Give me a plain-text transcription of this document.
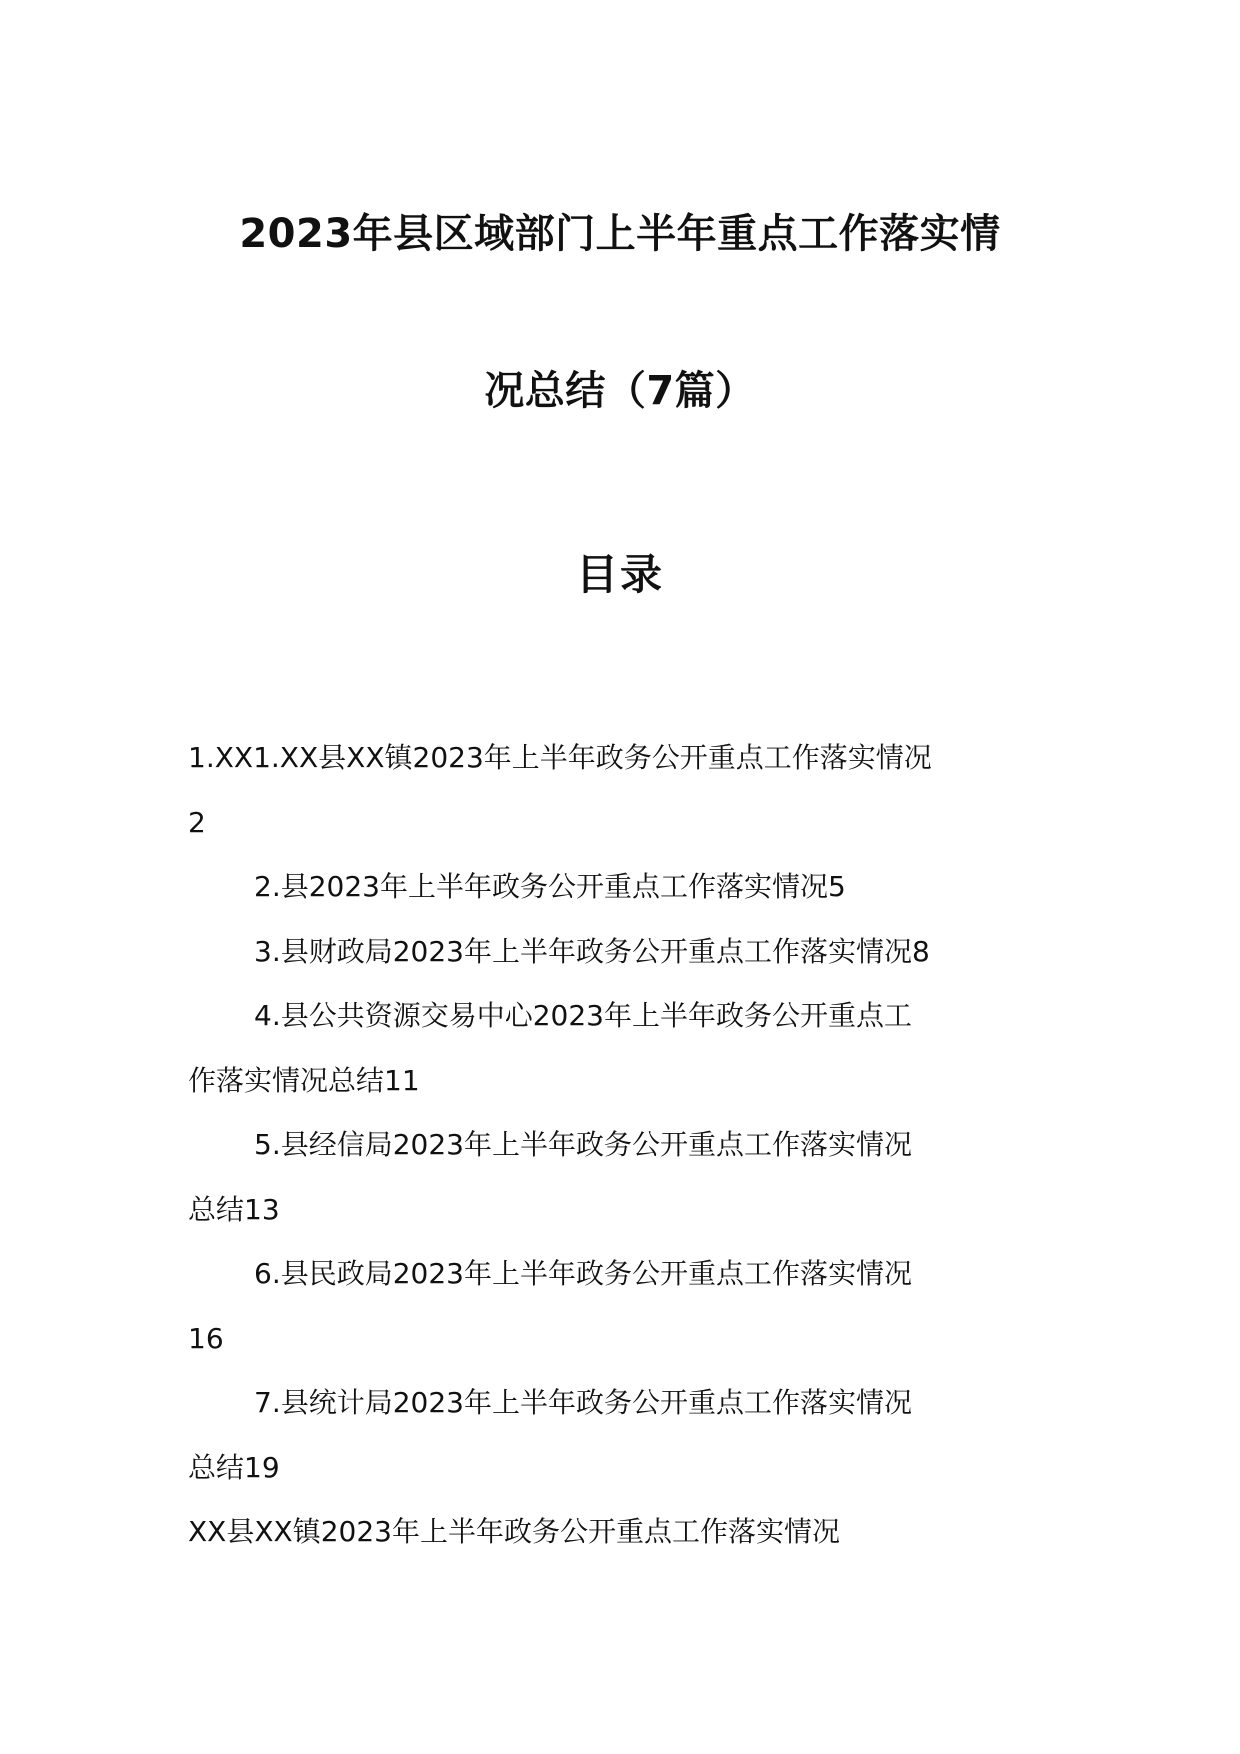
2023年县区域部门上半年重点工作落实情
况总结（7篇）
目录
1.XX1.XX县XX镇2023年上半年政务公开重点工作落实情况
2
2.县2023年上半年政务公开重点工作落实情况5
3.县财政局2023年上半年政务公开重点工作落实情况8
4.县公共资源交易中心2023年上半年政务公开重点工
作落实情况总结11
5.县经信局2023年上半年政务公开重点工作落实情况
总结13
6.县民政局2023年上半年政务公开重点工作落实情况
16
7.县统计局2023年上半年政务公开重点工作落实情况
总结19
XX县XX镇2023年上半年政务公开重点工作落实情况
